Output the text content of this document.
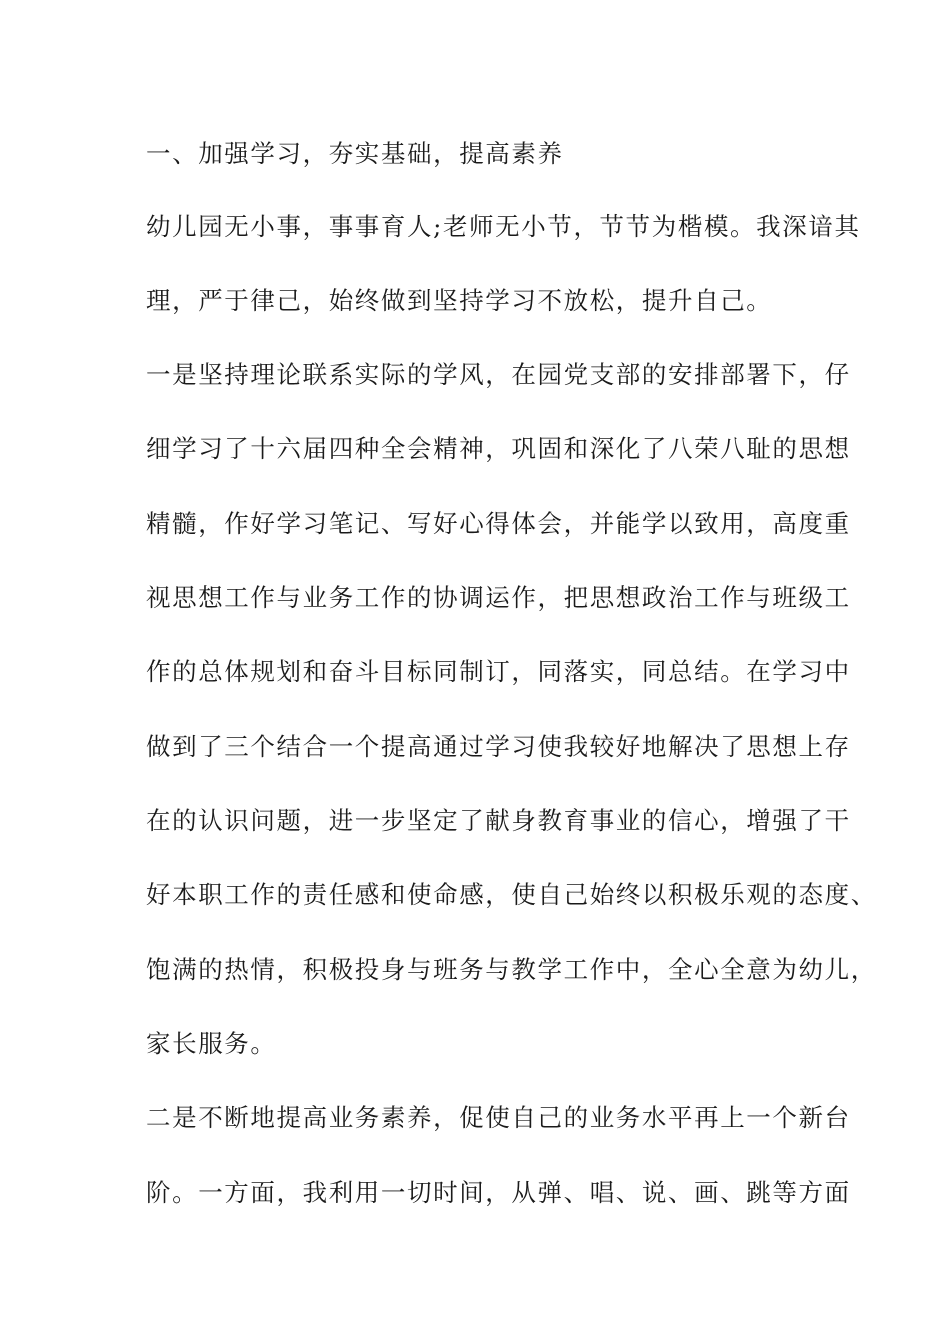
一、加强学习，夯实基础，提高素养
幼儿园无小事，事事育人;老师无小节，节节为楷模。我深谙其
理，严于律己，始终做到坚持学习不放松，提升自己。
一是坚持理论联系实际的学风，在园党支部的安排部署下，仔
细学习了十六届四种全会精神，巩固和深化了八荣八耻的思想
精髓，作好学习笔记、写好心得体会，并能学以致用，高度重
视思想工作与业务工作的协调运作，把思想政治工作与班级工
作的总体规划和奋斗目标同制订，同落实，同总结。在学习中
做到了三个结合一个提高通过学习使我较好地解决了思想上存
在的认识问题，进一步坚定了献身教育事业的信心，增强了干
好本职工作的责任感和使命感，使自己始终以积极乐观的态度、
饱满的热情，积极投身与班务与教学工作中，全心全意为幼儿，
家长服务。
二是不断地提高业务素养，促使自己的业务水平再上一个新台
阶。一方面，我利用一切时间，从弹、唱、说、画、跳等方面
